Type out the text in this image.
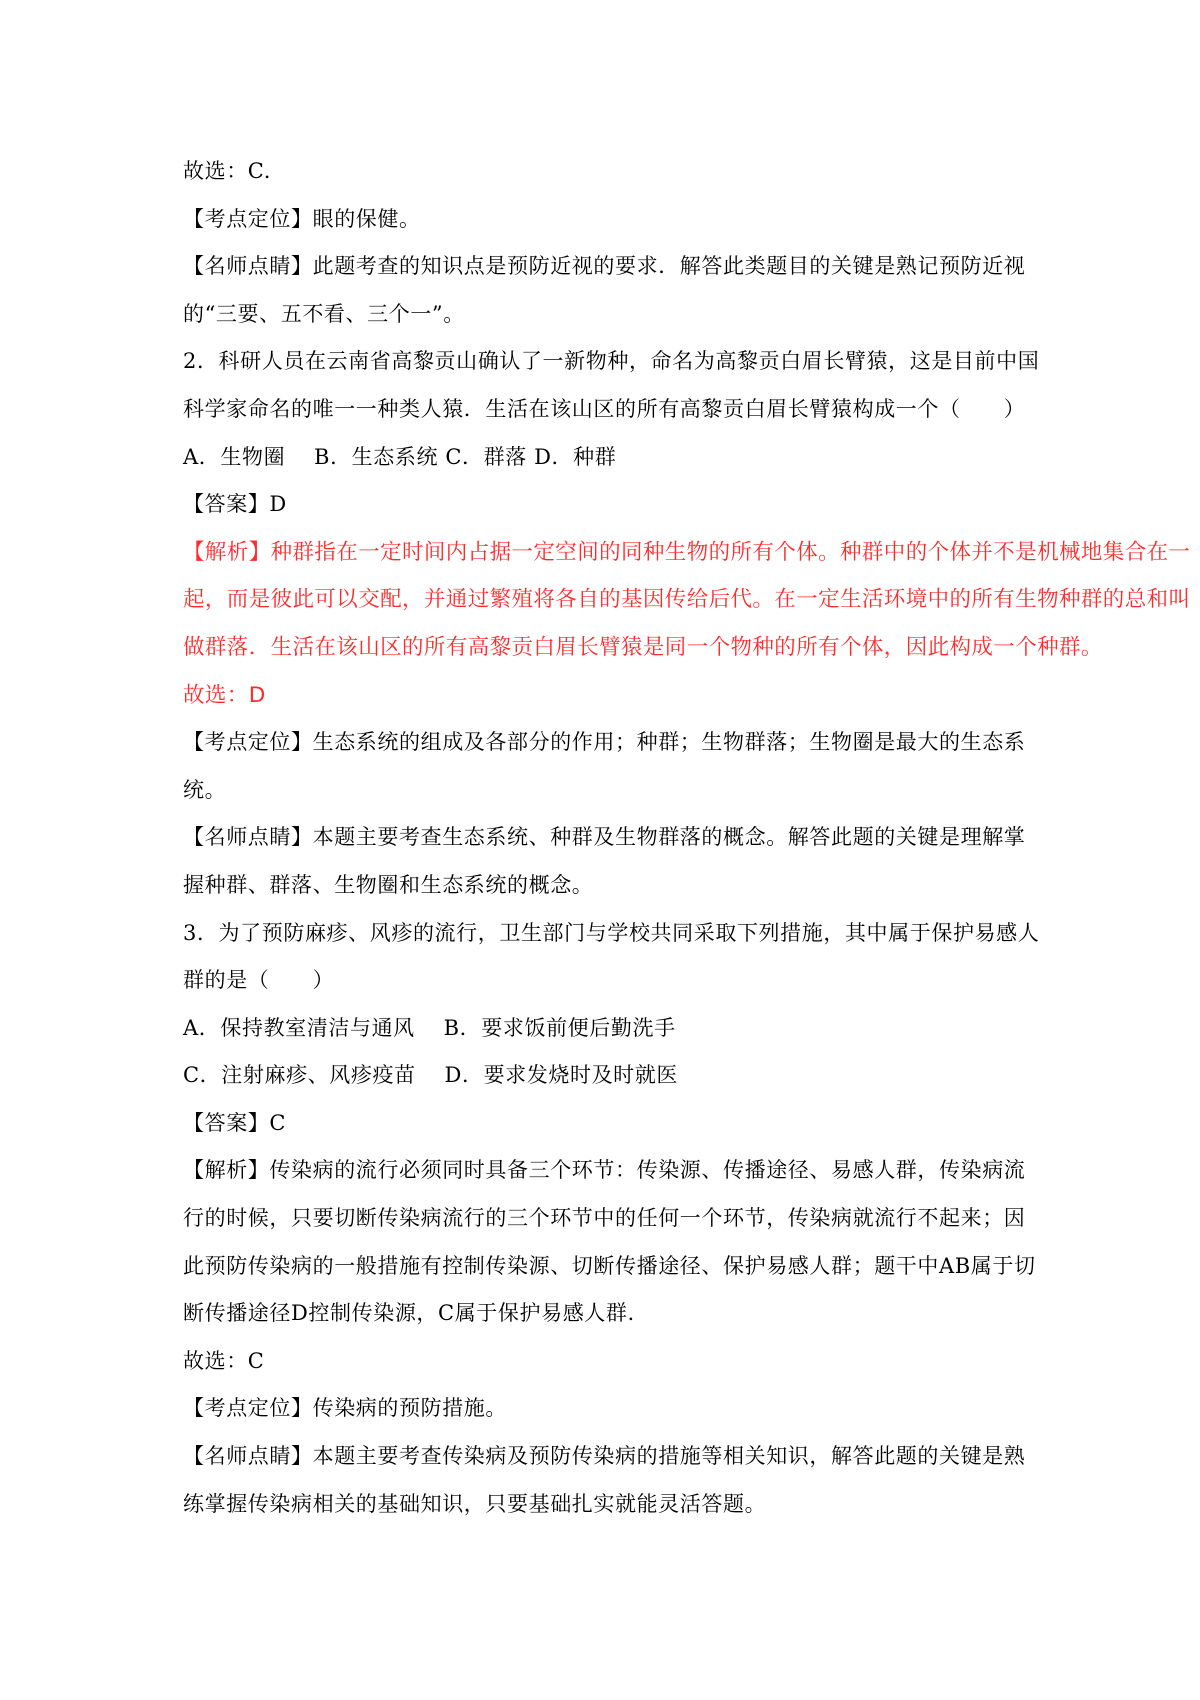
故选：C.
【考点定位】眼的保健。
【名师点睛】此题考查的知识点是预防近视的要求．解答此类题目的关键是熟记预防近视
的“三要、五不看、三个一”。
2．科研人员在云南省高黎贡山确认了一新物种，命名为高黎贡白眉长臂猿，这是目前中国
科学家命名的唯一一种类人猿．生活在该山区的所有高黎贡白眉长臂猿构成一个（　　）
A．生物圈　 B．生态系统 C．群落 D．种群
【答案】D
【解析】种群指在一定时间内占据一定空间的同种生物的所有个体。种群中的个体并不是机械地集合在一
起，而是彼此可以交配，并通过繁殖将各自的基因传给后代。在一定生活环境中的所有生物种群的总和叫
做群落．生活在该山区的所有高黎贡白眉长臂猿是同一个物种的所有个体，因此构成一个种群。
故选：D
【考点定位】生态系统的组成及各部分的作用；种群；生物群落；生物圈是最大的生态系
统。
【名师点睛】本题主要考查生态系统、种群及生物群落的概念。解答此题的关键是理解掌
握种群、群落、生物圈和生态系统的概念。
3．为了预防麻疹、风疹的流行，卫生部门与学校共同采取下列措施，其中属于保护易感人
群的是（　　）
A．保持教室清洁与通风　 B．要求饭前便后勤洗手
C．注射麻疹、风疹疫苗　 D．要求发烧时及时就医
【答案】C
【解析】传染病的流行必须同时具备三个环节：传染源、传播途径、易感人群，传染病流
行的时候，只要切断传染病流行的三个环节中的任何一个环节，传染病就流行不起来；因
此预防传染病的一般措施有控制传染源、切断传播途径、保护易感人群；题干中AB属于切
断传播途径D控制传染源，C属于保护易感人群.
故选：C
【考点定位】传染病的预防措施。
【名师点睛】本题主要考查传染病及预防传染病的措施等相关知识，解答此题的关键是熟
练掌握传染病相关的基础知识，只要基础扎实就能灵活答题。
